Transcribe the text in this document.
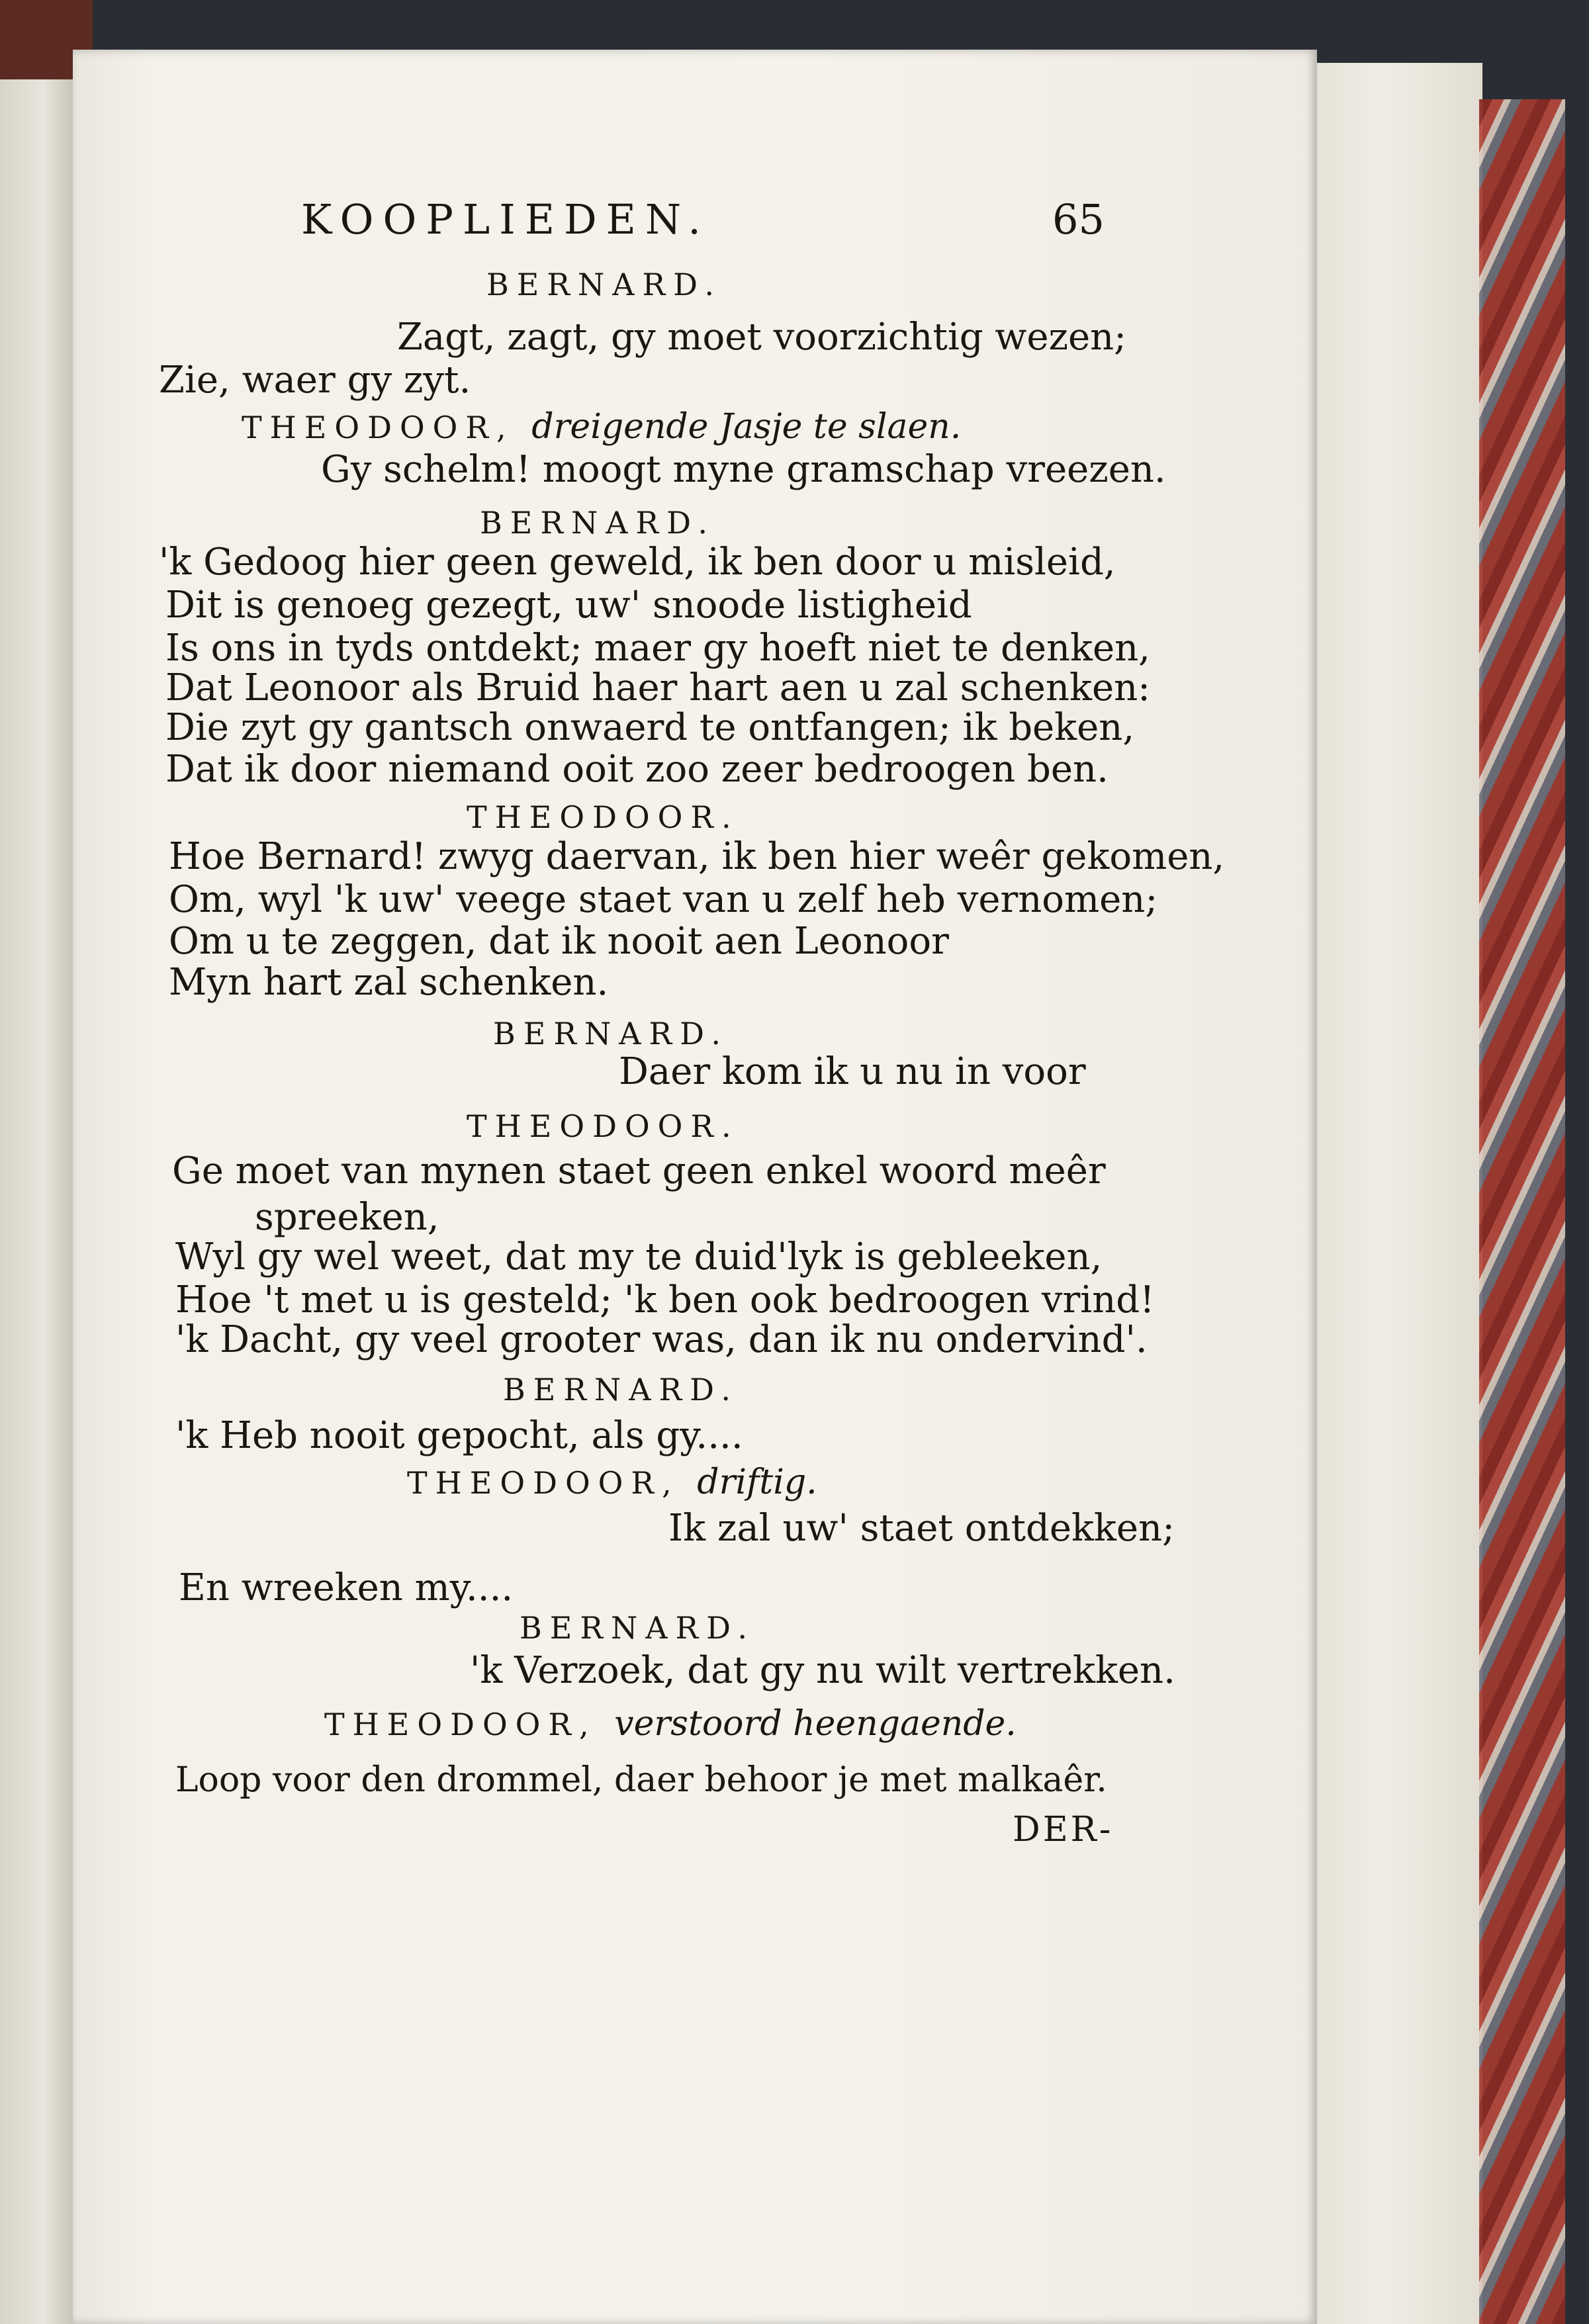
KOOPLIEDEN.	65
BERNARD.
Zagt, zagt, gy moet voorzichtig wezen;
Zie, waer gy zyt.
THEODOOR, dreigende Jasje te slaen.
Gy schelm! moogt myne gramschap vreezen.
BERNARD.
'k Gedoog hier geen geweld, ik ben door u misleid,
Dit is genoeg gezegt, uw' snoode listigheid
Is ons in tyds ontdekt; maer gy hoeft niet te denken,
Dat Leonoor als Bruid haer hart aen u zal schenken:
Die zyt gy gantsch onwaerd te ontfangen; ik beken,
Dat ik door niemand ooit zoo zeer bedroogen ben.
THEODOOR.
Hoe Bernard! zwyg daervan, ik ben hier weêr gekomen,
Om, wyl 'k uw' veege staet van u zelf heb vernomen;
Om u te zeggen, dat ik nooit aen Leonoor
Myn hart zal schenken.
BERNARD.
Daer kom ik u nu in voor
THEODOOR.
Ge moet van mynen staet geen enkel woord meêr
spreeken,
Wyl gy wel weet, dat my te duid'lyk is gebleeken,
Hoe 't met u is gesteld; 'k ben ook bedroogen vrind!
'k Dacht, gy veel grooter was, dan ik nu ondervind'.
BERNARD.
'k Heb nooit gepocht, als gy....
THEODOOR, driftig.
Ik zal uw' staet ontdekken;
En wreeken my....
BERNARD.
'k Verzoek, dat gy nu wilt vertrekken.
THEODOOR, verstoord heengaende.
Loop voor den drommel, daer behoor je met malkaêr.
DER-
